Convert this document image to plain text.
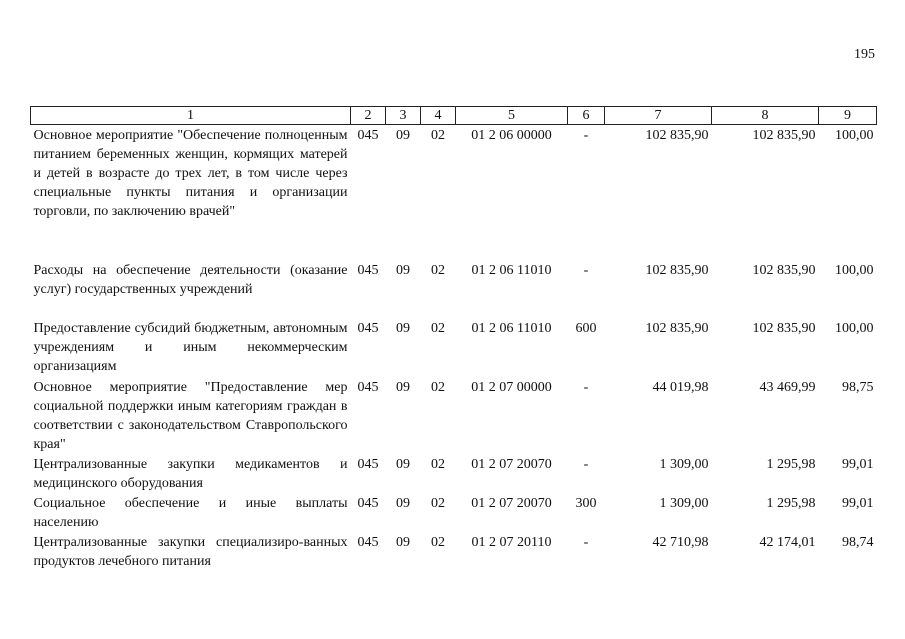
195
1	2	3	4	5	6	7	8	9
Основное мероприятие "Обеспечение полноценным питанием беременных женщин, кормящих матерей и детей в возрасте до трех лет, в том числе через специальные пункты питания и организации торговли, по заключению врачей"	045	09	02	01 2 06 00000	-	102 835,90	102 835,90	100,00
Расходы на обеспечение деятельности (оказание услуг) государственных учреждений	045	09	02	01 2 06 11010	-	102 835,90	102 835,90	100,00
Предоставление субсидий бюджетным, автономным учреждениям и иным некоммерческим организациям	045	09	02	01 2 06 11010	600	102 835,90	102 835,90	100,00
Основное мероприятие "Предоставление мер социальной поддержки иным категориям граждан в соответствии с законодательством Ставропольского края"	045	09	02	01 2 07 00000	-	44 019,98	43 469,99	98,75
Централизованные закупки медикаментов и медицинского оборудования	045	09	02	01 2 07 20070	-	1 309,00	1 295,98	99,01
Социальное обеспечение и иные выплаты населению	045	09	02	01 2 07 20070	300	1 309,00	1 295,98	99,01
Централизованные закупки специализиро-ванных продуктов лечебного питания	045	09	02	01 2 07 20110	-	42 710,98	42 174,01	98,74
